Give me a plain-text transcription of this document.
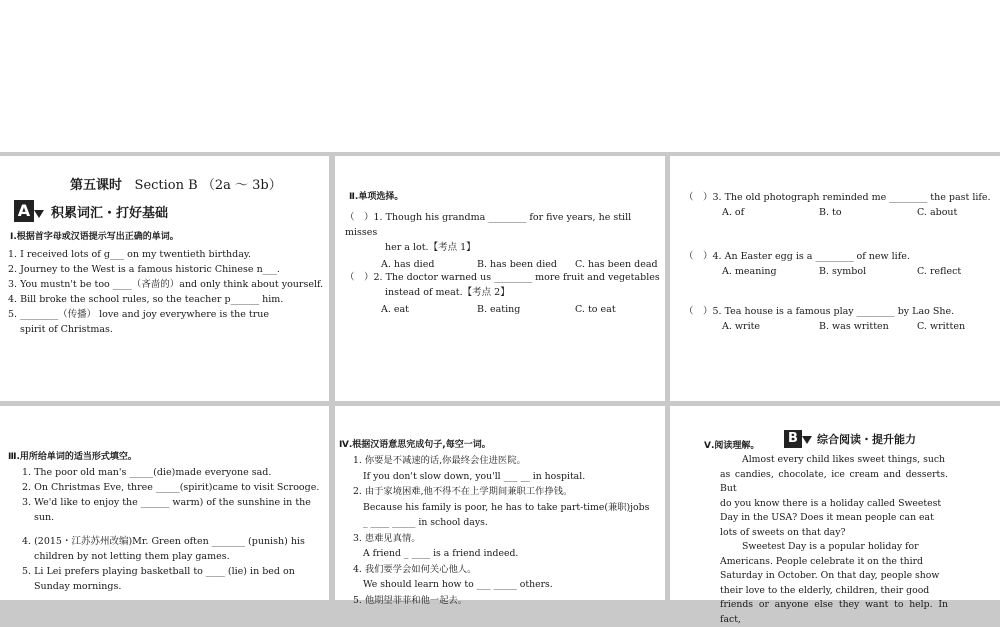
第五课时 Section B （2a ～ 3b）
A 积累词汇・打好基础
Ⅰ.根据首字母或汉语提示写出正确的单词。

1. I received lots of g___ on my twentieth birthday.

2. Journey to the West is a famous historic Chinese n___.

3. You mustn't be too ____（吝啬的）and only think about yourself.

4. Bill broke the school rules, so the teacher p______ him.

5. ________（传播） love and joy everywhere is the true

spirit of Christmas.

Ⅱ.单项选择。

（　）1. Though his grandma ________ for five years, he still misses

her a lot.【考点 1】

A. has died	B. has been died C. has been dead

（　）2. The doctor warned us ________ more fruit and vegetables

instead of meat.【考点 2】

A. eat	B. eating	C. to eat

（　）3. The old photograph reminded me ________ the past life.

A. of	B. to	C. about

（　）4. An Easter egg is a ________ of new life.

A. meaning	B. symbol	C. reflect

（　）5. Tea house is a famous play ________ by Lao She.

A. write	B. was written	C. written
Ⅲ.用所给单词的适当形式填空。

1. The poor old man's _____(die)made everyone sad.

2. On Christmas Eve, three _____(spirit)came to visit Scrooge.

3. We'd like to enjoy the ______ warm) of the sunshine in the

sun.

4. (2015・江苏苏州改编)Mr. Green often _______ (punish) his

children by not letting them play games.

5. Li Lei prefers playing basketball to ____ (lie) in bed on

Sunday mornings.

Ⅳ.根据汉语意思完成句子,每空一词。

1. 你要是不减速的话,你最终会住进医院。

If you don't slow down, you'll ___ __ in hospital.

2. 由于家境困难,他不得不在上学期间兼职工作挣钱。

Because his family is poor, he has to take part-time(兼职)jobs

_ ____ _____ in school days.

3. 患难见真情。

A friend _ ____ is a friend indeed.

4. 我们要学会如何关心他人。

We should learn how to ___ _____ others.

5. 他期望菲菲和他一起去。

Ⅴ.阅读理解。	B 综合阅读・提升能力

Almost every child likes sweet things, such

as candies, chocolate, ice cream and desserts. But

do you know there is a holiday called Sweetest

Day in the USA? Does it mean people can eat

lots of sweets on that day?

Sweetest Day is a popular holiday for

Americans. People celebrate it on the third

Saturday in October. On that day, people show

their love to the elderly, children, their good

friends or anyone else they want to help. In fact,
